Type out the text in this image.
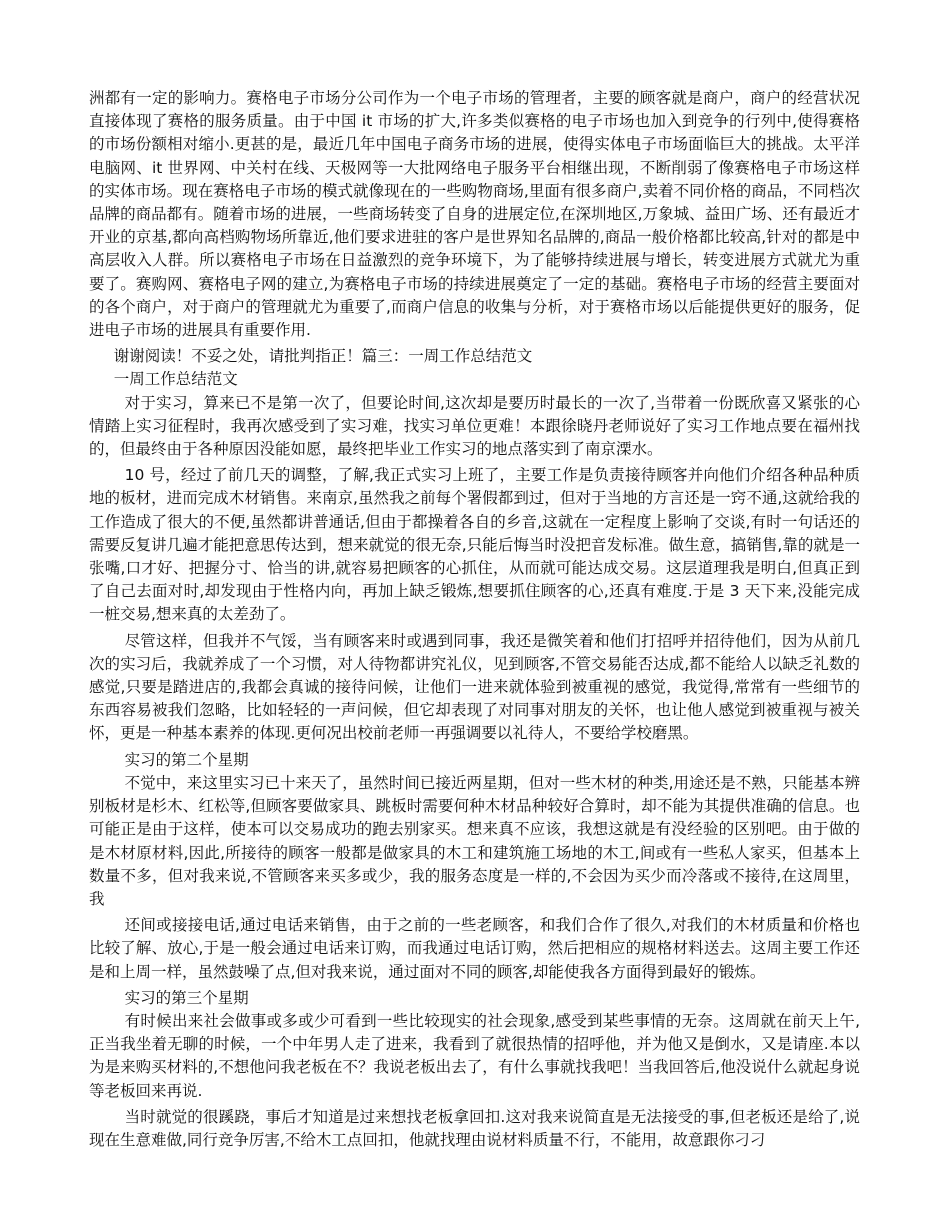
洲都有一定的影响力。赛格电子市场分公司作为一个电子市场的管理者，主要的顾客就是商户，商户的经营状况直接体现了赛格的服务质量。由于中国 it 市场的扩大,许多类似赛格的电子市场也加入到竞争的行列中,使得赛格的市场份额相对缩小.更甚的是，最近几年中国电子商务市场的进展，使得实体电子市场面临巨大的挑战。太平洋电脑网、it 世界网、中关村在线、天极网等一大批网络电子服务平台相继出现，不断削弱了像赛格电子市场这样的实体市场。现在赛格电子市场的模式就像现在的一些购物商场,里面有很多商户,卖着不同价格的商品，不同档次品牌的商品都有。随着市场的进展，一些商场转变了自身的进展定位,在深圳地区,万象城、益田广场、还有最近才开业的京基,都向高档购物场所靠近,他们要求进驻的客户是世界知名品牌的,商品一般价格都比较高,针对的都是中高层收入人群。所以赛格电子市场在日益激烈的竞争环境下，为了能够持续进展与增长，转变进展方式就尤为重要了。赛购网、赛格电子网的建立,为赛格电子市场的持续进展奠定了一定的基础。赛格电子市场的经营主要面对的各个商户，对于商户的管理就尤为重要了,而商户信息的收集与分析，对于赛格市场以后能提供更好的服务，促进电子市场的进展具有重要作用.

谢谢阅读！不妥之处，请批判指正！篇三：一周工作总结范文

一周工作总结范文

对于实习，算来已不是第一次了，但要论时间,这次却是要历时最长的一次了,当带着一份既欣喜又紧张的心情踏上实习征程时，我再次感受到了实习难，找实习单位更难！本跟徐晓丹老师说好了实习工作地点要在福州找的，但最终由于各种原因没能如愿，最终把毕业工作实习的地点落实到了南京溧水。

10 号，经过了前几天的调整，了解,我正式实习上班了，主要工作是负责接待顾客并向他们介绍各种品种质地的板材，进而完成木材销售。来南京,虽然我之前每个署假都到过，但对于当地的方言还是一窍不通,这就给我的工作造成了很大的不便,虽然都讲普通话,但由于都操着各自的乡音,这就在一定程度上影响了交谈,有时一句话还的需要反复讲几遍才能把意思传达到，想来就觉的很无奈,只能后悔当时没把音发标准。做生意，搞销售,靠的就是一张嘴,口才好、把握分寸、恰当的讲,就容易把顾客的心抓住，从而就可能达成交易。这层道理我是明白,但真正到了自己去面对时,却发现由于性格内向，再加上缺乏锻炼,想要抓住顾客的心,还真有难度.于是 3 天下来,没能完成一桩交易,想来真的太差劲了。

尽管这样，但我并不气馁，当有顾客来时或遇到同事，我还是微笑着和他们打招呼并招待他们，因为从前几次的实习后，我就养成了一个习惯，对人待物都讲究礼仪，见到顾客,不管交易能否达成,都不能给人以缺乏礼数的感觉,只要是踏进店的,我都会真诚的接待问候，让他们一进来就体验到被重视的感觉，我觉得,常常有一些细节的东西容易被我们忽略，比如轻轻的一声问候，但它却表现了对同事对朋友的关怀，也让他人感觉到被重视与被关怀，更是一种基本素养的体现.更何况出校前老师一再强调要以礼待人，不要给学校磨黑。

实习的第二个星期

不觉中，来这里实习已十来天了，虽然时间已接近两星期，但对一些木材的种类,用途还是不熟，只能基本辨别板材是杉木、红松等,但顾客要做家具、跳板时需要何种木材品种较好合算时，却不能为其提供准确的信息。也可能正是由于这样，使本可以交易成功的跑去别家买。想来真不应该，我想这就是有没经验的区别吧。由于做的是木材原材料,因此,所接待的顾客一般都是做家具的木工和建筑施工场地的木工,间或有一些私人家买，但基本上数量不多，但对我来说,不管顾客来买多或少，我的服务态度是一样的,不会因为买少而冷落或不接待,在这周里，我

还间或接接电话,通过电话来销售，由于之前的一些老顾客，和我们合作了很久,对我们的木材质量和价格也比较了解、放心,于是一般会通过电话来订购，而我通过电话订购，然后把相应的规格材料送去。这周主要工作还是和上周一样，虽然鼓噪了点,但对我来说，通过面对不同的顾客,却能使我各方面得到最好的锻炼。

实习的第三个星期

有时候出来社会做事或多或少可看到一些比较现实的社会现象,感受到某些事情的无奈。这周就在前天上午,正当我坐着无聊的时候，一个中年男人走了进来，我看到了就很热情的招呼他，并为他又是倒水，又是请座.本以为是来购买材料的,不想他问我老板在不？我说老板出去了，有什么事就找我吧！当我回答后,他没说什么就起身说等老板回来再说.

当时就觉的很蹊跷，事后才知道是过来想找老板拿回扣.这对我来说简直是无法接受的事,但老板还是给了,说现在生意难做,同行竞争厉害,不给木工点回扣，他就找理由说材料质量不行，不能用，故意跟你刁刁
